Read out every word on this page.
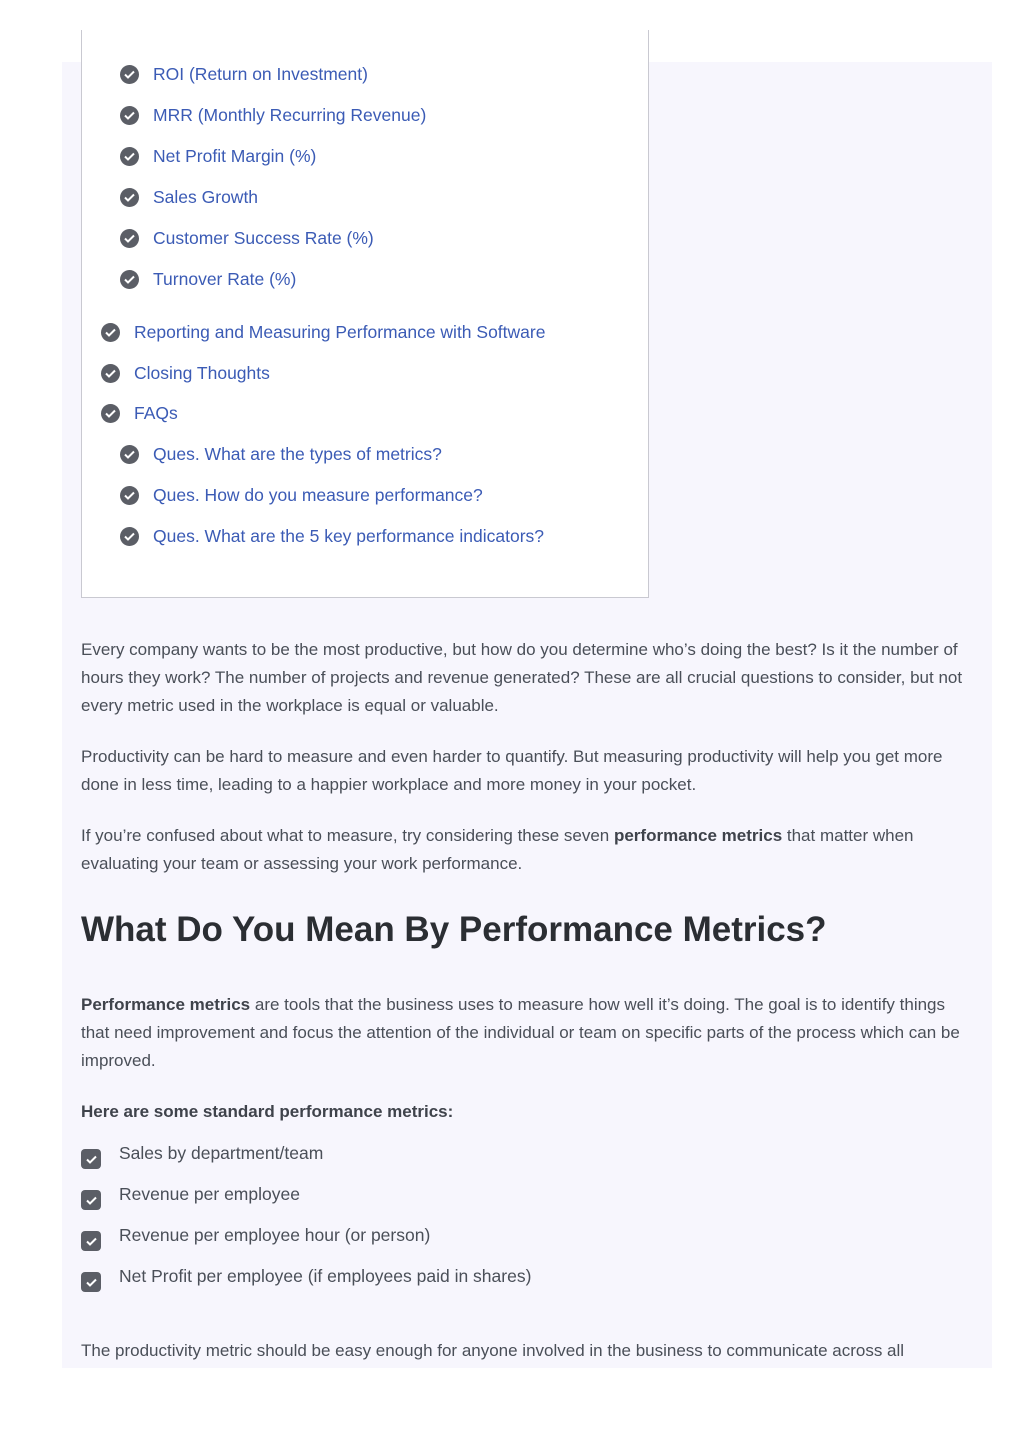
ROI (Return on Investment)
MRR (Monthly Recurring Revenue)
Net Profit Margin (%)
Sales Growth
Customer Success Rate (%)
Turnover Rate (%)
Reporting and Measuring Performance with Software
Closing Thoughts
FAQs
Ques. What are the types of metrics?
Ques. How do you measure performance?
Ques. What are the 5 key performance indicators?

Every company wants to be the most productive, but how do you determine who’s doing the best? Is it the number of hours they work? The number of projects and revenue generated? These are all crucial questions to consider, but not every metric used in the workplace is equal or valuable.

Productivity can be hard to measure and even harder to quantify. But measuring productivity will help you get more done in less time, leading to a happier workplace and more money in your pocket.

If you’re confused about what to measure, try considering these seven performance metrics that matter when evaluating your team or assessing your work performance.

What Do You Mean By Performance Metrics?

Performance metrics are tools that the business uses to measure how well it’s doing. The goal is to identify things that need improvement and focus the attention of the individual or team on specific parts of the process which can be improved.

Here are some standard performance metrics:

Sales by department/team
Revenue per employee
Revenue per employee hour (or person)
Net Profit per employee (if employees paid in shares)

The productivity metric should be easy enough for anyone involved in the business to communicate across all
